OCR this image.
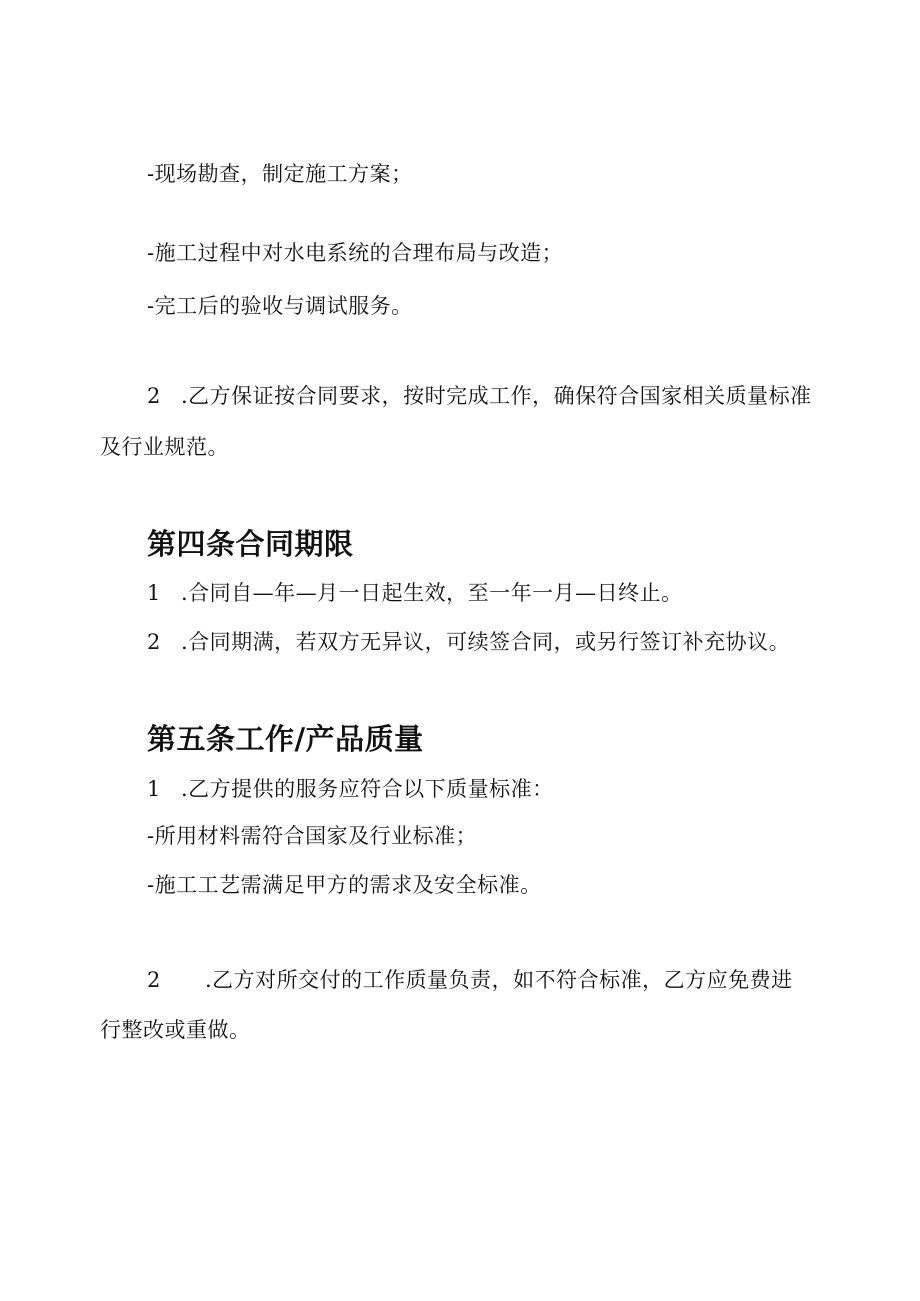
-现场勘查，制定施工方案；
-施工过程中对水电系统的合理布局与改造；
-完工后的验收与调试服务。
2 .乙方保证按合同要求，按时完成工作，确保符合国家相关质量标准
及行业规范。
第四条合同期限
1 .合同自—年—月一日起生效，至一年一月—日终止。
2 .合同期满，若双方无异议，可续签合同，或另行签订补充协议。
第五条工作/产品质量
1 .乙方提供的服务应符合以下质量标准：
-所用材料需符合国家及行业标准；
-施工工艺需满足甲方的需求及安全标准。
2 .乙方对所交付的工作质量负责，如不符合标准，乙方应免费进
行整改或重做。
